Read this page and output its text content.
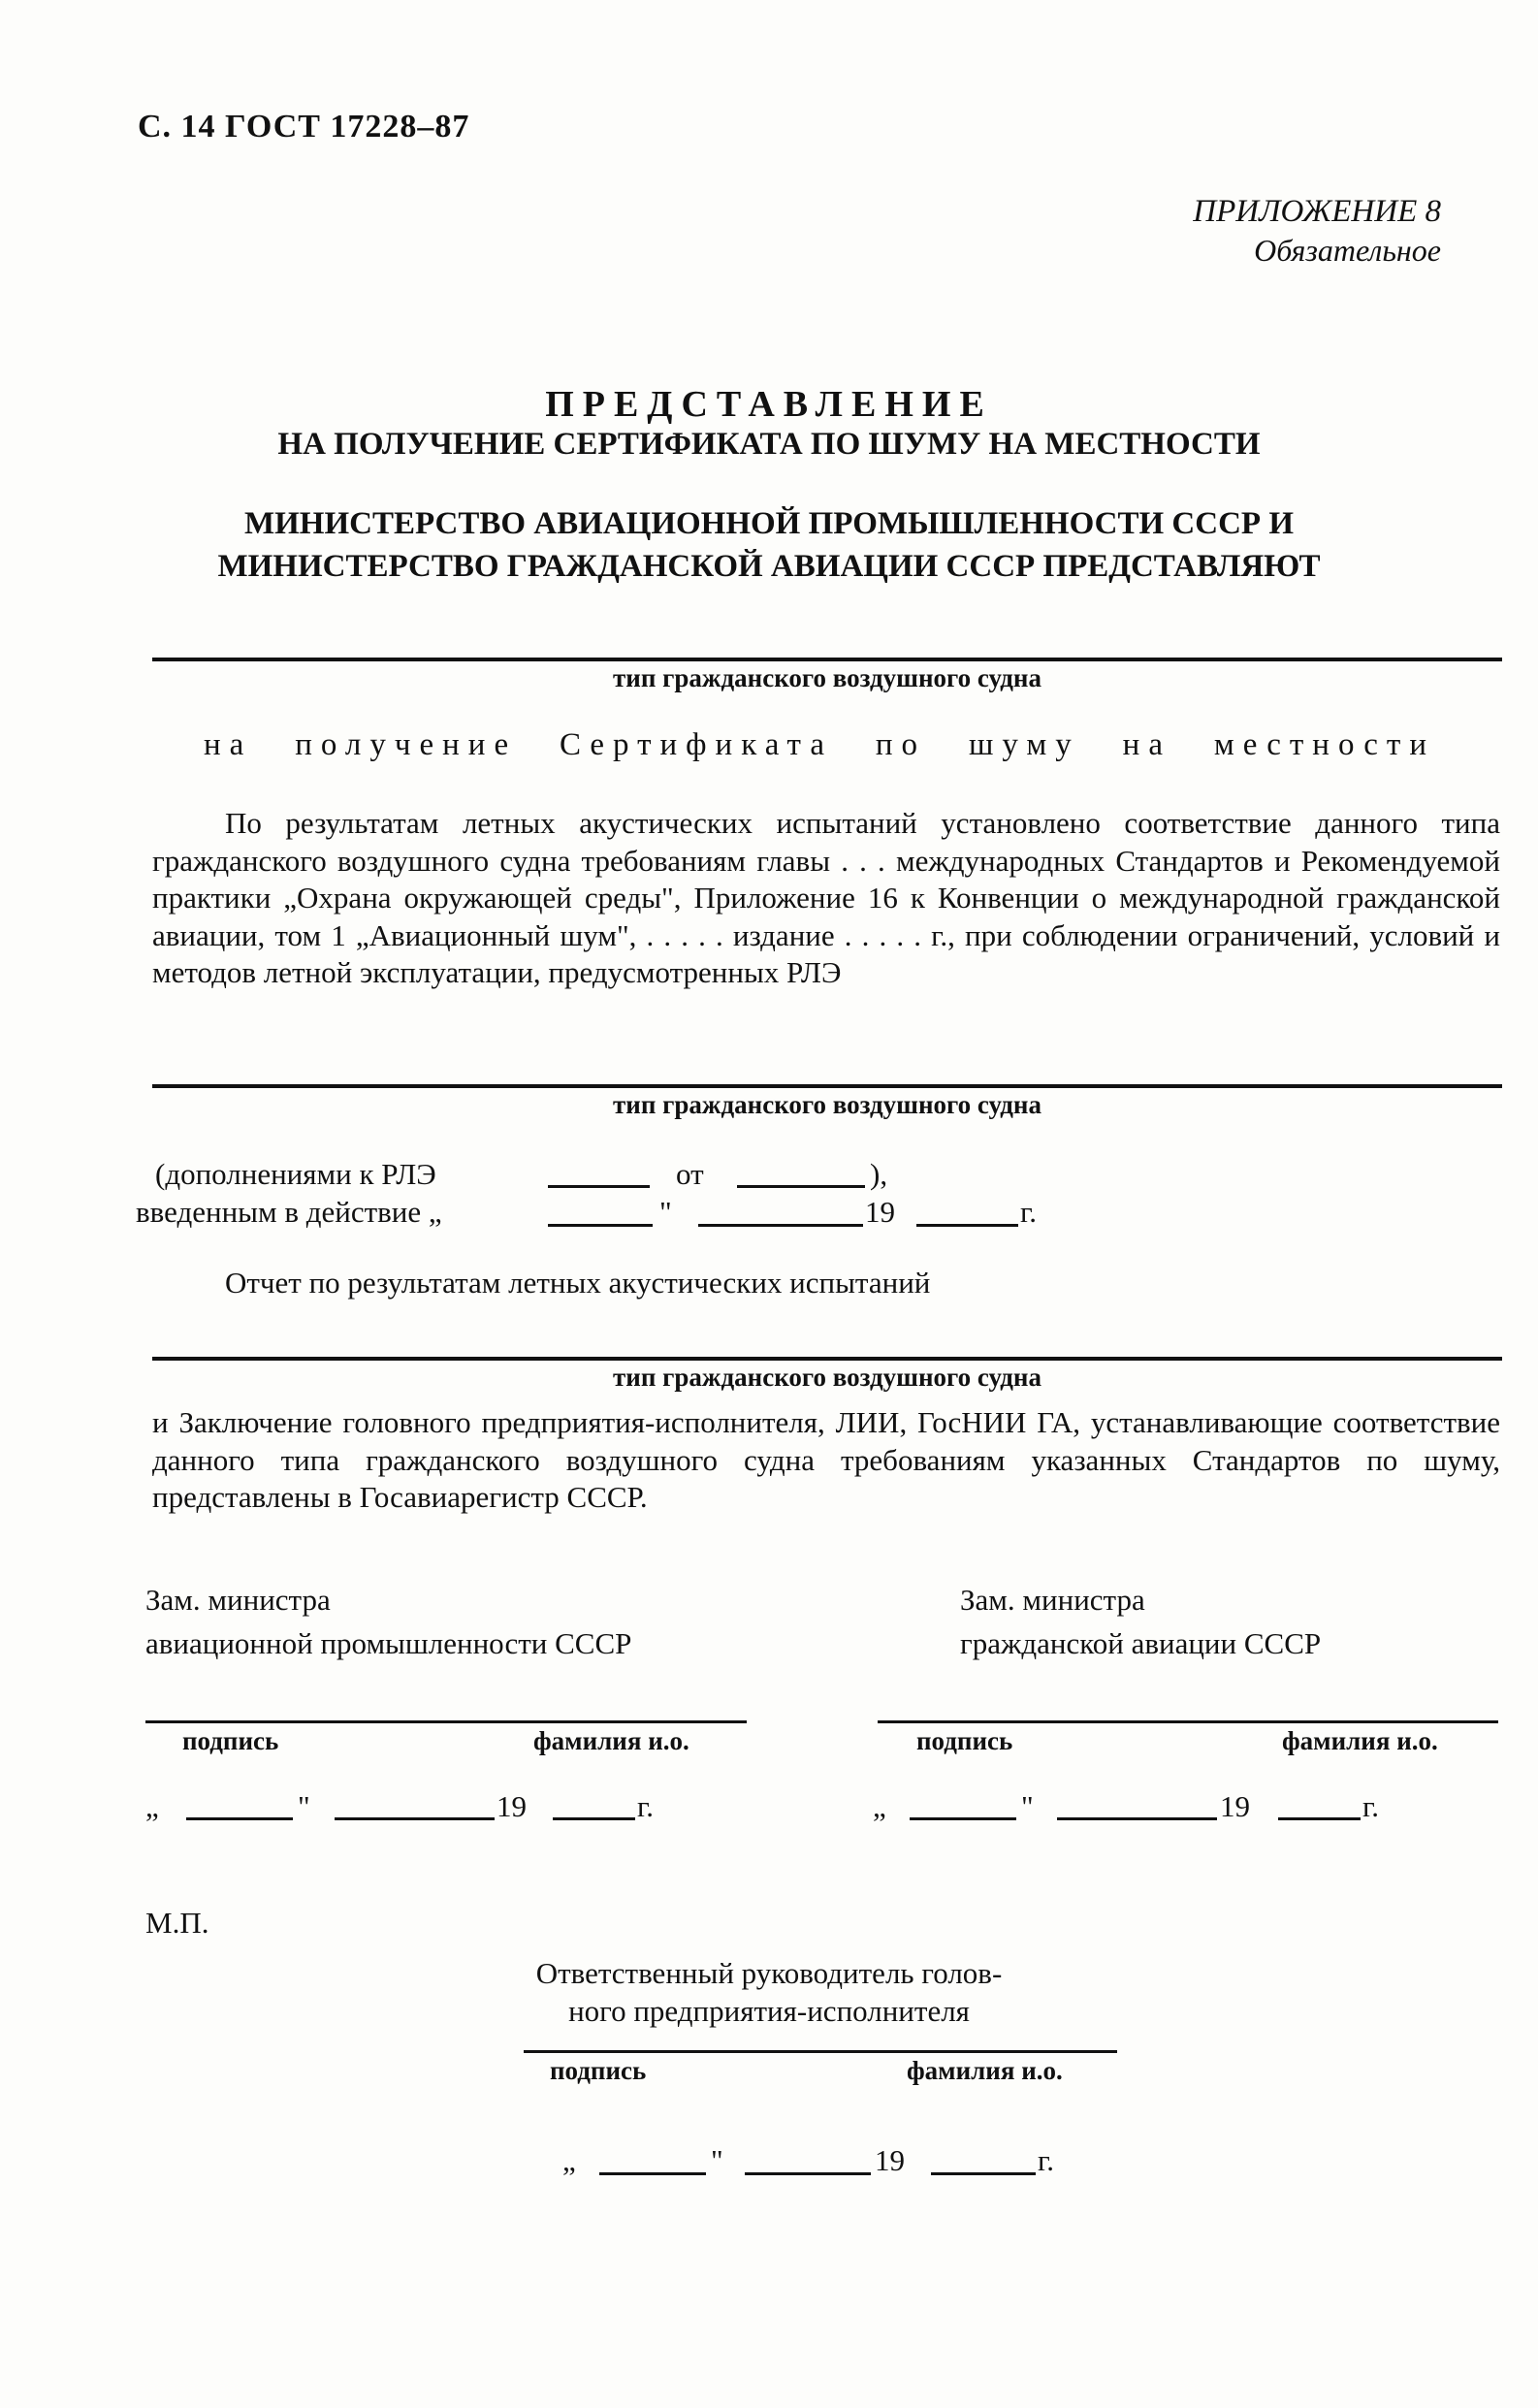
С. 14 ГОСТ 17228–87
ПРИЛОЖЕНИЕ 8
Обязательное
ПРЕДСТАВЛЕНИЕ
НА ПОЛУЧЕНИЕ СЕРТИФИКАТА ПО ШУМУ НА МЕСТНОСТИ
МИНИСТЕРСТВО АВИАЦИОННОЙ ПРОМЫШЛЕННОСТИ СССР И
МИНИСТЕРСТВО ГРАЖДАНСКОЙ АВИАЦИИ СССР ПРЕДСТАВЛЯЮТ
тип гражданского воздушного судна
на получение Сертификата по шуму на местности

По результатам летных акустических испытаний установлено соответствие данного типа гражданского воздушного судна требованиям главы . . . международных Стандартов и Рекомендуемой практики „Охрана окружающей среды", Приложение 16 к Конвенции о международной гражданской авиации, том 1 „Авиационный шум", . . . . . издание . . . . . г., при соблюдении ограничений, условий и методов летной эксплуатации, предусмотренных РЛЭ

тип гражданского воздушного судна
(дополнениями к РЛЭ	от	),
введенным в действие „	"	19	г.
Отчет по результатам летных акустических испытаний
тип гражданского воздушного судна

и Заключение головного предприятия-исполнителя, ЛИИ, ГосНИИ ГА, устанавливающие соответствие данного типа гражданского воздушного судна требованиям указанных Стандартов по шуму, представлены в Госавиарегистр СССР.

Зам. министра
авиационной промышленности СССР
подпись	фамилия и.о.
„	"	19	г.
Зам. министра
гражданской авиации СССР
подпись	фамилия и.о.
„	"	19	г.
М.П.
Ответственный руководитель голов-
ного предприятия-исполнителя
подпись	фамилия и.о.
„	"	19	г.
